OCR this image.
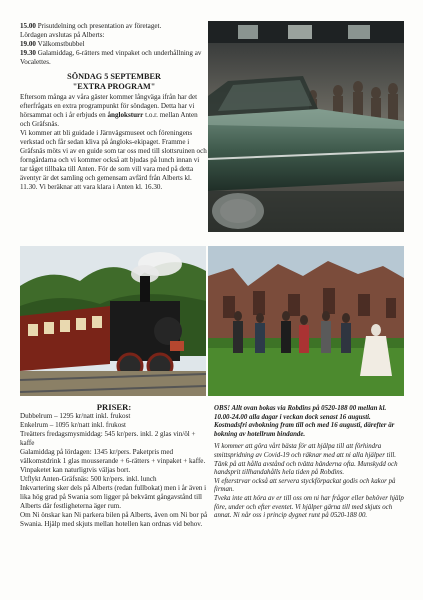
15.00 Prisutdelning och presentation av företaget.

Lördagen avslutas på Alberts:

19.00 Välkomstbubbel

19.30 Galamiddag, 6-rätters med vinpaket och underhållning av Vocalettes.

SÖNDAG 5 SEPTEMBER

"EXTRA PROGRAM"

Eftersom många av våra gäster kommer långväga ifrån har det efterfrågats en extra programpunkt för söndagen. Detta har vi hörsammat och i år erbjuds en ångloksturr t.o.r. mellan Anten och Gräfsnäs.

Vi kommer att bli guidade i Järnvägsmuseet och föreningens verkstad och får sedan kliva på ångloks-ekipaget. Framme i Gräfsnäs möts vi av en guide som tar oss med till slottsruinen och forngårdarna och vi kommer också att bjudas på lunch innan vi tar tåget tillbaka till Anten. För de som vill vara med på detta äventyr är det samling och gemensam avfärd från Alberts kl. 11.30. Vi beräknar att vara klara i Anten kl. 16.30.

PRISER:

Dubbelrum – 1295 kr/natt inkl. frukost

Enkelrum – 1095 kr/natt inkl. frukost

Treätters fredagsmysmiddag: 545 kr/pers. inkl. 2 glas vin/öl + kaffe

Galamiddag på lördagen: 1345 kr/pers. Paketpris med välkomstdrink 1 glas mousserande + 6-rätters + vinpaket + kaffe. Vinpaketet kan naturligtvis väljas bort.

Utflykt Anten-Gräfsnäs: 500 kr/pers. inkl. lunch

Inkvartering sker dels på Alberts (redan fullbokat) men i år även i lika hög grad på Swania som ligger på bekvämt gångavstånd till Alberts där festligheterna äger rum.

Om Ni önskar kan Ni parkera bilen på Alberts, även om Ni bor på Swania. Hjälp med skjuts mellan hotellen kan ordnas vid behov.

OBS! Allt ovan bokas via Robdins på 0520-188 00 mellan kl. 10.00-24.00 alla dagar i veckan dock senast 16 augusti. Kostnadsfri avbokning fram till och med 16 augusti, därefter är bokning av hotellrum bindande.

Vi kommer att göra vårt bästa för att hjälpa till att förhindra smittspridning av Covid-19 och räknar med att ni alla hjälper till. Tänk på att hålla avstånd och tvätta händerna ofta. Munskydd och handsprit tillhandahålls hela tiden på Robdins.

Vi efterstrvar också att servera styckförpackat godis och kakor på firman.

Tveka inte att höra av er till oss om ni har frågor eller behöver hjälp före, under och efter eventet. Vi hjälper gärna till med skjuts och annat. Ni når oss i princip dygnet runt på 0520-188 00.
